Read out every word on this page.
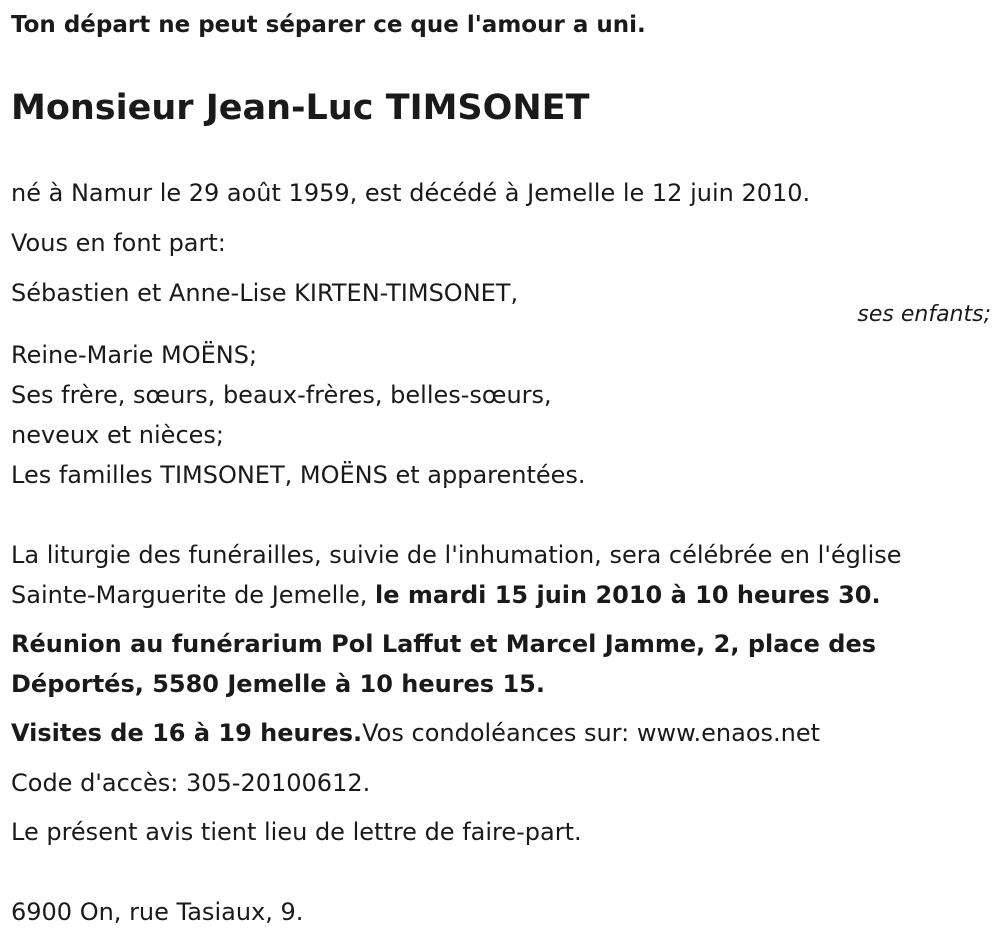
Ton départ ne peut séparer ce que l'amour a uni.
Monsieur Jean-Luc TIMSONET
né à Namur le 29 août 1959, est décédé à Jemelle le 12 juin 2010.
Vous en font part:
Sébastien et Anne-Lise KIRTEN-TIMSONET,
ses enfants;
Reine-Marie MOËNS;
Ses frère, sœurs, beaux-frères, belles-sœurs,
neveux et nièces;
Les familles TIMSONET, MOËNS et apparentées.
La liturgie des funérailles, suivie de l'inhumation, sera célébrée en l'église
Sainte-Marguerite de Jemelle, le mardi 15 juin 2010 à 10 heures 30.
Réunion au funérarium Pol Laffut et Marcel Jamme, 2, place des
Déportés, 5580 Jemelle à 10 heures 15.
Visites de 16 à 19 heures.Vos condoléances sur: www.enaos.net
Code d'accès: 305-20100612.
Le présent avis tient lieu de lettre de faire-part.
6900 On, rue Tasiaux, 9.
